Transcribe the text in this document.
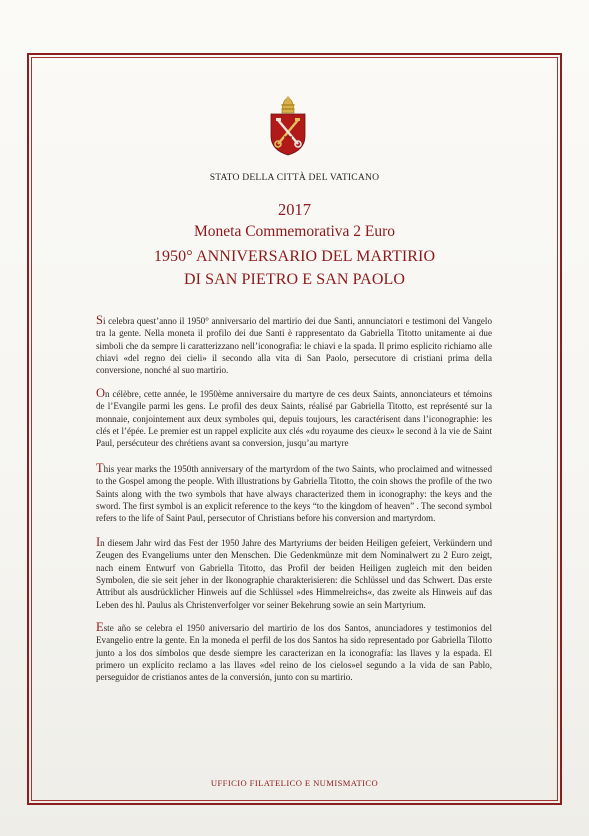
STATO DELLA CITTÀ DEL VATICANO
2017
Moneta Commemorativa 2 Euro
1950° ANNIVERSARIO DEL MARTIRIO
DI SAN PIETRO E SAN PAOLO
Si celebra quest’anno il 1950° anniversario del martirio dei due Santi, annunciatori e testimoni del Vangelo tra la gente. Nella moneta il profilo dei due Santi è rappresentato da Gabriella Titotto unitamente ai due simboli che da sempre li caratterizzano nell’iconografia: le chiavi e la spada. Il primo esplicito richiamo alle chiavi «del regno dei cieli» il secondo alla vita di San Paolo, persecutore di cristiani prima della conversione, nonché al suo martirio.
On célèbre, cette année, le 1950ème anniversaire du martyre de ces deux Saints, annonciateurs et témoins de l’Evangile parmi les gens. Le profil des deux Saints, réalisé par Gabriella Titotto, est représenté sur la monnaie, conjointement aux deux symboles qui, depuis toujours, les caractérisent dans l’iconographie: les clés et l’épée. Le premier est un rappel explicite aux clés «du royaume des cieux» le second à la vie de Saint Paul, persécuteur des chrétiens avant sa conversion, jusqu’au martyre
This year marks the 1950th anniversary of the martyrdom of the two Saints, who proclaimed and witnessed to the Gospel among the people. With illustrations by Gabriella Titotto, the coin shows the profile of the two Saints along with the two symbols that have always characterized them in iconography: the keys and the sword. The first symbol is an explicit reference to the keys “to the kingdom of heaven” . The second symbol refers to the life of Saint Paul, persecutor of Christians before his conversion and martyrdom.
In diesem Jahr wird das Fest der 1950 Jahre des Martyriums der beiden Heiligen gefeiert, Verkündern und Zeugen des Evangeliums unter den Menschen. Die Gedenkmünze mit dem Nominalwert zu 2 Euro zeigt, nach einem Entwurf von Gabriella Titotto, das Profil der beiden Heiligen zugleich mit den beiden Symbolen, die sie seit jeher in der Ikonographie charakterisieren: die Schlüssel und das Schwert. Das erste Attribut als ausdrücklicher Hinweis auf die Schlüssel »des Himmelreichs«, das zweite als Hinweis auf das Leben des hl. Paulus als Christenverfolger vor seiner Bekehrung sowie an sein Martyrium.
Este año se celebra el 1950 aniversario del martirio de los dos Santos, anunciadores y testimonios del Evangelio entre la gente. En la moneda el perfil de los dos Santos ha sido representado por Gabriella Tilotto junto a los dos símbolos que desde siempre les caracterizan en la iconografía: las llaves y la espada. El primero un explícito reclamo a las llaves «del reino de los cielos»el segundo a la vida de san Pablo, perseguidor de cristianos antes de la conversión, junto con su martirio.
UFFICIO FILATELICO E NUMISMATICO
